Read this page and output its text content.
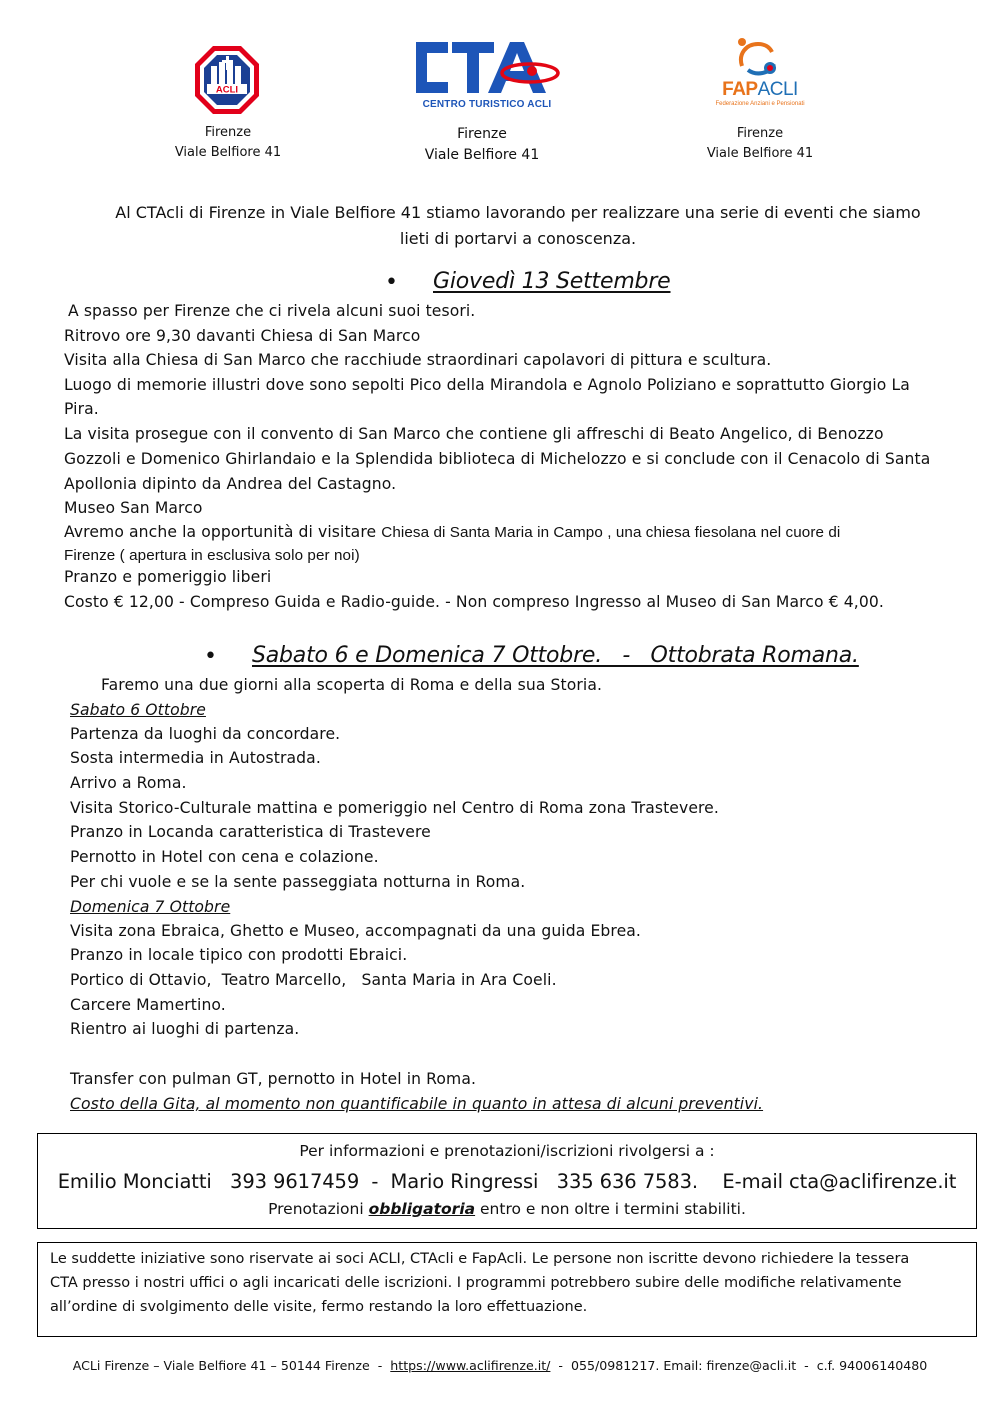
ACLI
Firenze
Viale Belfiore 41
CENTRO TURISTICO ACLI
Firenze
Viale Belfiore 41
FAPACLI
Federazione Anziani e Pensionati
Firenze
Viale Belfiore 41
Al CTAcli di Firenze in Viale Belfiore 41 stiamo lavorando per realizzare una serie di eventi che siamo lieti di portarvi a conoscenza.
• Giovedì 13 Settembre
A spasso per Firenze che ci rivela alcuni suoi tesori.
Ritrovo ore 9,30 davanti Chiesa di San Marco
Visita alla Chiesa di San Marco che racchiude straordinari capolavori di pittura e scultura.
Luogo di memorie illustri dove sono sepolti Pico della Mirandola e Agnolo Poliziano e soprattutto Giorgio La
Pira.
La visita prosegue con il convento di San Marco che contiene gli affreschi di Beato Angelico, di Benozzo
Gozzoli e Domenico Ghirlandaio e la Splendida biblioteca di Michelozzo e si conclude con il Cenacolo di Santa
Apollonia dipinto da Andrea del Castagno.
Museo San Marco
Avremo anche la opportunità di visitare Chiesa di Santa Maria in Campo , una chiesa fiesolana nel cuore di
Firenze ( apertura in esclusiva solo per noi)
Pranzo e pomeriggio liberi
Costo € 12,00 - Compreso Guida e Radio-guide. - Non compreso Ingresso al Museo di San Marco € 4,00.
• Sabato 6 e Domenica 7 Ottobre.   -   Ottobrata Romana.
Faremo una due giorni alla scoperta di Roma e della sua Storia.
Sabato 6 Ottobre
Partenza da luoghi da concordare.
Sosta intermedia in Autostrada.
Arrivo a Roma.
Visita Storico-Culturale mattina e pomeriggio nel Centro di Roma zona Trastevere.
Pranzo in Locanda caratteristica di Trastevere
Pernotto in Hotel con cena e colazione.
Per chi vuole e se la sente passeggiata notturna in Roma.
Domenica 7 Ottobre
Visita zona Ebraica, Ghetto e Museo, accompagnati da una guida Ebrea.
Pranzo in locale tipico con prodotti Ebraici.
Portico di Ottavio,  Teatro Marcello,   Santa Maria in Ara Coeli.
Carcere Mamertino.
Rientro ai luoghi di partenza.
Transfer con pulman GT, pernotto in Hotel in Roma.
Costo della Gita, al momento non quantificabile in quanto in attesa di alcuni preventivi.
Per informazioni e prenotazioni/iscrizioni rivolgersi a :
Emilio Monciatti   393 9617459  -  Mario Ringressi   335 636 7583.    E-mail cta@aclifirenze.it
Prenotazioni obbligatoria entro e non oltre i termini stabiliti.
Le suddette iniziative sono riservate ai soci ACLI, CTAcli e FapAcli. Le persone non iscritte devono richiedere la tessera
CTA presso i nostri uffici o agli incaricati delle iscrizioni. I programmi potrebbero subire delle modifiche relativamente
all’ordine di svolgimento delle visite, fermo restando la loro effettuazione.
ACLi Firenze – Viale Belfiore 41 – 50144 Firenze  -  https://www.aclifirenze.it/  -  055/0981217. Email: firenze@acli.it  -  c.f. 94006140480
